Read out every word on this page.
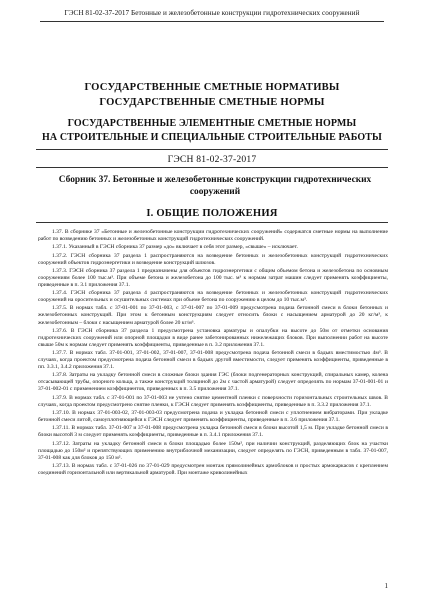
ГЭСН 81-02-37-2017 Бетонные и железобетонные конструкции гидротехнических сооружений
ГОСУДАРСТВЕННЫЕ СМЕТНЫЕ НОРМАТИВЫ
ГОСУДАРСТВЕННЫЕ СМЕТНЫЕ НОРМЫ
ГОСУДАРСТВЕННЫЕ ЭЛЕМЕНТНЫЕ СМЕТНЫЕ НОРМЫ
НА СТРОИТЕЛЬНЫЕ И СПЕЦИАЛЬНЫЕ СТРОИТЕЛЬНЫЕ РАБОТЫ
ГЭСН 81-02-37-2017
Сборник 37. Бетонные и железобетонные конструкции гидротехнических сооружений
I. ОБЩИЕ ПОЛОЖЕНИЯ

1.37. В сборнике 37 «Бетонные и железобетонные конструкции гидротехнических сооружений» содержатся сметные нормы на выполнение работ по возведению бетонных и железобетонных конструкций гидротехнических сооружений.

1.37.1. Указанный в ГЭСН сборника 37 размер «до» включает в себя этот размер, «свыше» – исключает.

1.37.2. ГЭСН сборника 37 раздела 1 распространяются на возведение бетонных и железобетонных конструкций гидротехнических сооружений объектов гидроэнергетики и возведение конструкций шлюзов.

1.37.3. ГЭСН сборника 37 раздела 1 предназначены для объектов гидроэнергетики с общим объемом бетона и железобетона по основным сооружениям более 100 тыс.м³. При объеме бетона и железобетона до 100 тыс. м³ к нормам затрат машин следует применять коэффициенты, приведенные в п. 3.1 приложения 37.1.

1.37.4. ГЭСН сборника 37 раздела 4 распространяются на возведение бетонных и железобетонных конструкций гидротехнических сооружений на оросительных и осушительных системах при объеме бетона по сооружению в целом до 10 тыс.м³.

1.37.5. В нормах табл. с 37-01-001 по 37-01-003, с 37-01-007 по 37-01-009 предусмотрена подача бетонной смеси в блоки бетонных и железобетонных конструкций. При этом к бетонным конструкциям следует относить блоки с насыщением арматурой до 20 кг/м³, к железобетонным – блоки с насыщением арматурой более 20 кг/м³.

1.37.6. В ГЭСН сборника 37 раздела 1 предусмотрена установка арматуры и опалубки на высоте до 50м от отметки основания гидротехнических сооружений или опорной площадки в виде ранее забетонированных нижележащих блоков. При выполнении работ на высоте свыше 50м к нормам следует применять коэффициенты, приведенные в п. 3.2 приложения 37.1.

1.37.7. В нормах табл. 37-01-001, 37-01-002, 37-01-007, 37-01-008 предусмотрена подача бетонной смеси в бадьях вместимостью 4м³. В случаях, когда проектом предусмотрена подача бетонной смеси в бадьях другой вместимости, следует применять коэффициенты, приведенные в пп. 3.3.1, 3.4.2 приложения 37.1.

1.37.8. Затраты на укладку бетонной смеси в сложные блоки здания ГЭС (блоки подгенераторных конструкций, спиральных камер, колена отсасывающей трубы, опорного кольца, а также конструкций толщиной до 2м с частой арматурой) следует определять по нормам 37-01-001-01 и 37-01-002-01 с применением коэффициентов, приведенных в п. 3.5 приложения 37.1.

1.37.9. В нормах табл. с 37-01-001 по 37-01-003 не учтено снятие цементной пленки с поверхности горизонтальных строительных швов. В случаях, когда проектом предусмотрено снятие пленки, к ГЭСН следует применять коэффициенты, приведенные в п. 3.3.2 приложения 37.1.

1.37.10. В нормах 37-01-003-02, 37-01-003-03 предусмотрена подача и укладка бетонной смеси с уплотнением вибраторами. При укладке бетонной смеси литой, самоуплотняющейся к ГЭСН следует применять коэффициенты, приведенные в п. 3.6 приложения 37.1.

1.37.11. В нормах табл. 37-01-007 и 37-01-008 предусмотрена укладка бетонной смеси в блоки высотой 1,5 м. При укладке бетонной смеси в блоки высотой 3 м следует применять коэффициенты, приведенные в п. 3.4.1 приложения 37.1.

1.37.12. Затраты на укладку бетонной смеси в блоки площадью более 150м², при наличии конструкций, разделяющих блок на участки площадью до 150м² и препятствующих применению внутриблочной механизации, следует определять по ГЭСН, приведенным в табл. 37-01-007, 37-01-008 как для блоков до 150 м².

1.37.13. В нормах табл. с 37-01-026 по 37-01-029 предусмотрен монтаж прямолинейных армоблоков и простых армокаркасов с креплением соединений горизонтальной или вертикальной арматурой. При монтаже криволинейных

1
